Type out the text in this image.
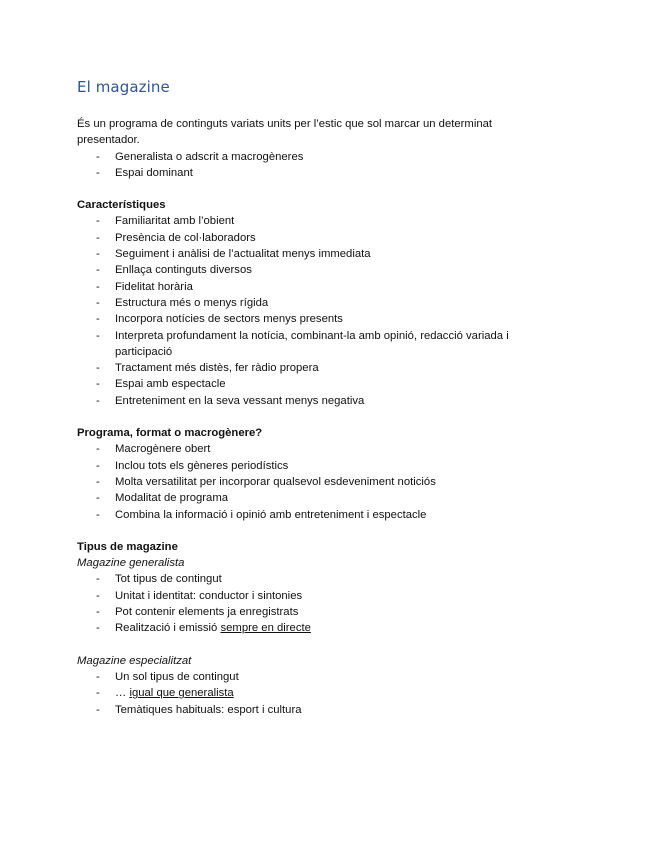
El magazine

És un programa de continguts variats units per l’estic que sol marcar un determinat presentador.

- Generalista o adscrit a macrogèneres
- Espai dominant

Característiques

- Familiaritat amb l’obient
- Presència de col·laboradors
- Seguiment i anàlisi de l’actualitat menys immediata
- Enllaça continguts diversos
- Fidelitat horària
- Estructura més o menys rígida
- Incorpora notícies de sectors menys presents
- Interpreta profundament la notícia, combinant-la amb opinió, redacció variada i participació
- Tractament més distès, fer ràdio propera
- Espai amb espectacle
- Entreteniment en la seva vessant menys negativa

Programa, format o macrogènere?

- Macrogènere obert
- Inclou tots els gèneres periodístics
- Molta versatilitat per incorporar qualsevol esdeveniment noticiós
- Modalitat de programa
- Combina la informació i opinió amb entreteniment i espectacle

Tipus de magazine

Magazine generalista

- Tot tipus de contingut
- Unitat i identitat: conductor i sintonies
- Pot contenir elements ja enregistrats
- Realització i emissió sempre en directe

Magazine especialitzat

- Un sol tipus de contingut
- … igual que generalista
- Temàtiques habituals: esport i cultura
